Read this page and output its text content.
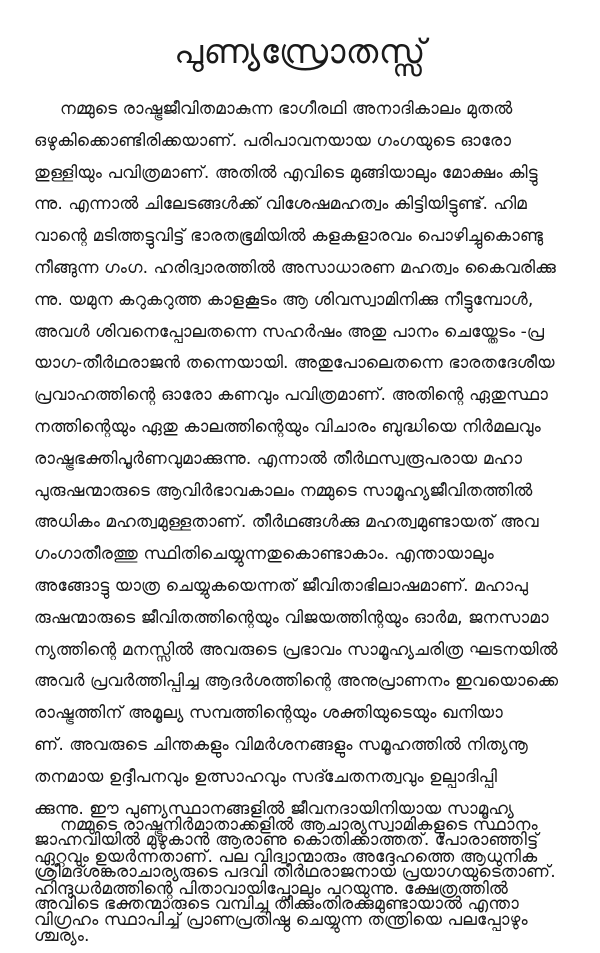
പുണ്യസ്രോതസ്സ്
നമ്മുടെ രാഷ്ട്രജീവിതമാകുന്ന ഭാഗീരഥി അനാദികാലം മുതൽ
ഒഴുകിക്കൊണ്ടിരിക്കയാണ്. പരിപാവനയായ ഗംഗയുടെ ഓരോ
തുള്ളിയും പവിത്രമാണ്. അതിൽ എവിടെ മുങ്ങിയാലും മോക്ഷം കിട്ടു
ന്നു. എന്നാൽ ചിലേടങ്ങൾക്ക് വിശേഷമഹത്വം കിട്ടിയിട്ടുണ്ട്. ഹിമ
വാന്റെ മടിത്തട്ടുവിട്ട് ഭാരതഭൂമിയിൽ കളകളാരവം പൊഴിച്ചുകൊണ്ടു
നീങ്ങുന്ന ഗംഗ. ഹരിദ്വാരത്തിൽ അസാധാരണ മഹത്വം കൈവരിക്കു
ന്നു. യമുന കറുകറുത്ത കാളകൂടം ആ ശിവസ്വാമിനിക്കു നീട്ടുമ്പോൾ,
അവൾ ശിവനെപ്പോലതന്നെ സഹർഷം അതു പാനം ചെയ്തേടം -പ്ര
യാഗ-തീർഥരാജൻ തന്നെയായി. അതുപോലെതന്നെ ഭാരതദേശീയ
പ്രവാഹത്തിന്റെ ഓരോ കണവും പവിത്രമാണ്. അതിന്റെ ഏതുസ്ഥാ
നത്തിന്റെയും ഏതു കാലത്തിന്റെയും വിചാരം ബുദ്ധിയെ നിർമലവും
രാഷ്ട്രഭക്തിപൂർണവുമാക്കുന്നു. എന്നാൽ തീർഥസ്വരൂപരായ മഹാ
പുരുഷന്മാരുടെ ആവിർഭാവകാലം നമ്മുടെ സാമൂഹ്യജീവിതത്തിൽ
അധികം മഹത്വമുള്ളതാണ്. തീർഥങ്ങൾക്കു മഹത്വമുണ്ടായത് അവ
ഗംഗാതീരത്തു സ്ഥിതിചെയ്യുന്നതുകൊണ്ടാകാം. എന്തായാലും
അങ്ങോട്ടു യാത്ര ചെയ്യുകയെന്നത് ജീവിതാഭിലാഷമാണ്. മഹാപു
രുഷന്മാരുടെ ജീവിതത്തിന്റെയും വിജയത്തിന്റയും ഓർമ, ജനസാമാ
ന്യത്തിന്റെ മനസ്സിൽ അവരുടെ പ്രഭാവം സാമൂഹ്യചരിത്ര ഘടനയിൽ
അവർ പ്രവർത്തിപ്പിച്ച ആദർശത്തിന്റെ അനുപ്രാണനം ഇവയൊക്കെ
രാഷ്ട്രത്തിന് അമൂല്യ സമ്പത്തിന്റെയും ശക്തിയുടെയും ഖനിയാ
ണ്. അവരുടെ ചിന്തകളും വിമർശനങ്ങളും സമൂഹത്തിൽ നിത്യനൂ
തനമായ ഉദ്ദീപനവും ഉത്സാഹവും സദ്ചേതനത്വവും ഉല്പാദിപ്പി
ക്കുന്നു. ഈ പുണ്യസ്ഥാനങ്ങളിൽ ജീവനദായിനിയായ സാമൂഹ്യ
ജാഹ്നവിയിൽ മുഴുകാൻ ആരാണു കൊതിക്കാത്തത്. പോരാഞ്ഞിട്ട്
ശ്രീമദ്ശങ്കരാചാര്യരുടെ പദവി തീർഥരാജനായ പ്രയാഗയുടെതാണ്.
അവിടെ ഭക്തന്മാരുടെ വമ്പിച്ച തിക്കുംതിരക്കുമുണ്ടായാൽ എന്താ
ശ്ചര്യം.
നമ്മുടെ രാഷ്ട്രനിർമാതാക്കളിൽ ആചാര്യസ്വാമികളുടെ സ്ഥാനം
ഏറ്റവും ഉയർന്നതാണ്. പല വിദ്വാന്മാരും അദ്ദേഹത്തെ ആധുനിക
ഹിന്ദുധർമത്തിന്റെ പിതാവായിപ്പോലും പറയുന്നു. ക്ഷേത്രത്തിൽ
വിഗ്രഹം സ്ഥാപിച്ച് പ്രാണപ്രതിഷ്ഠ ചെയ്യുന്ന തന്ത്രിയെ പലപ്പോഴും
